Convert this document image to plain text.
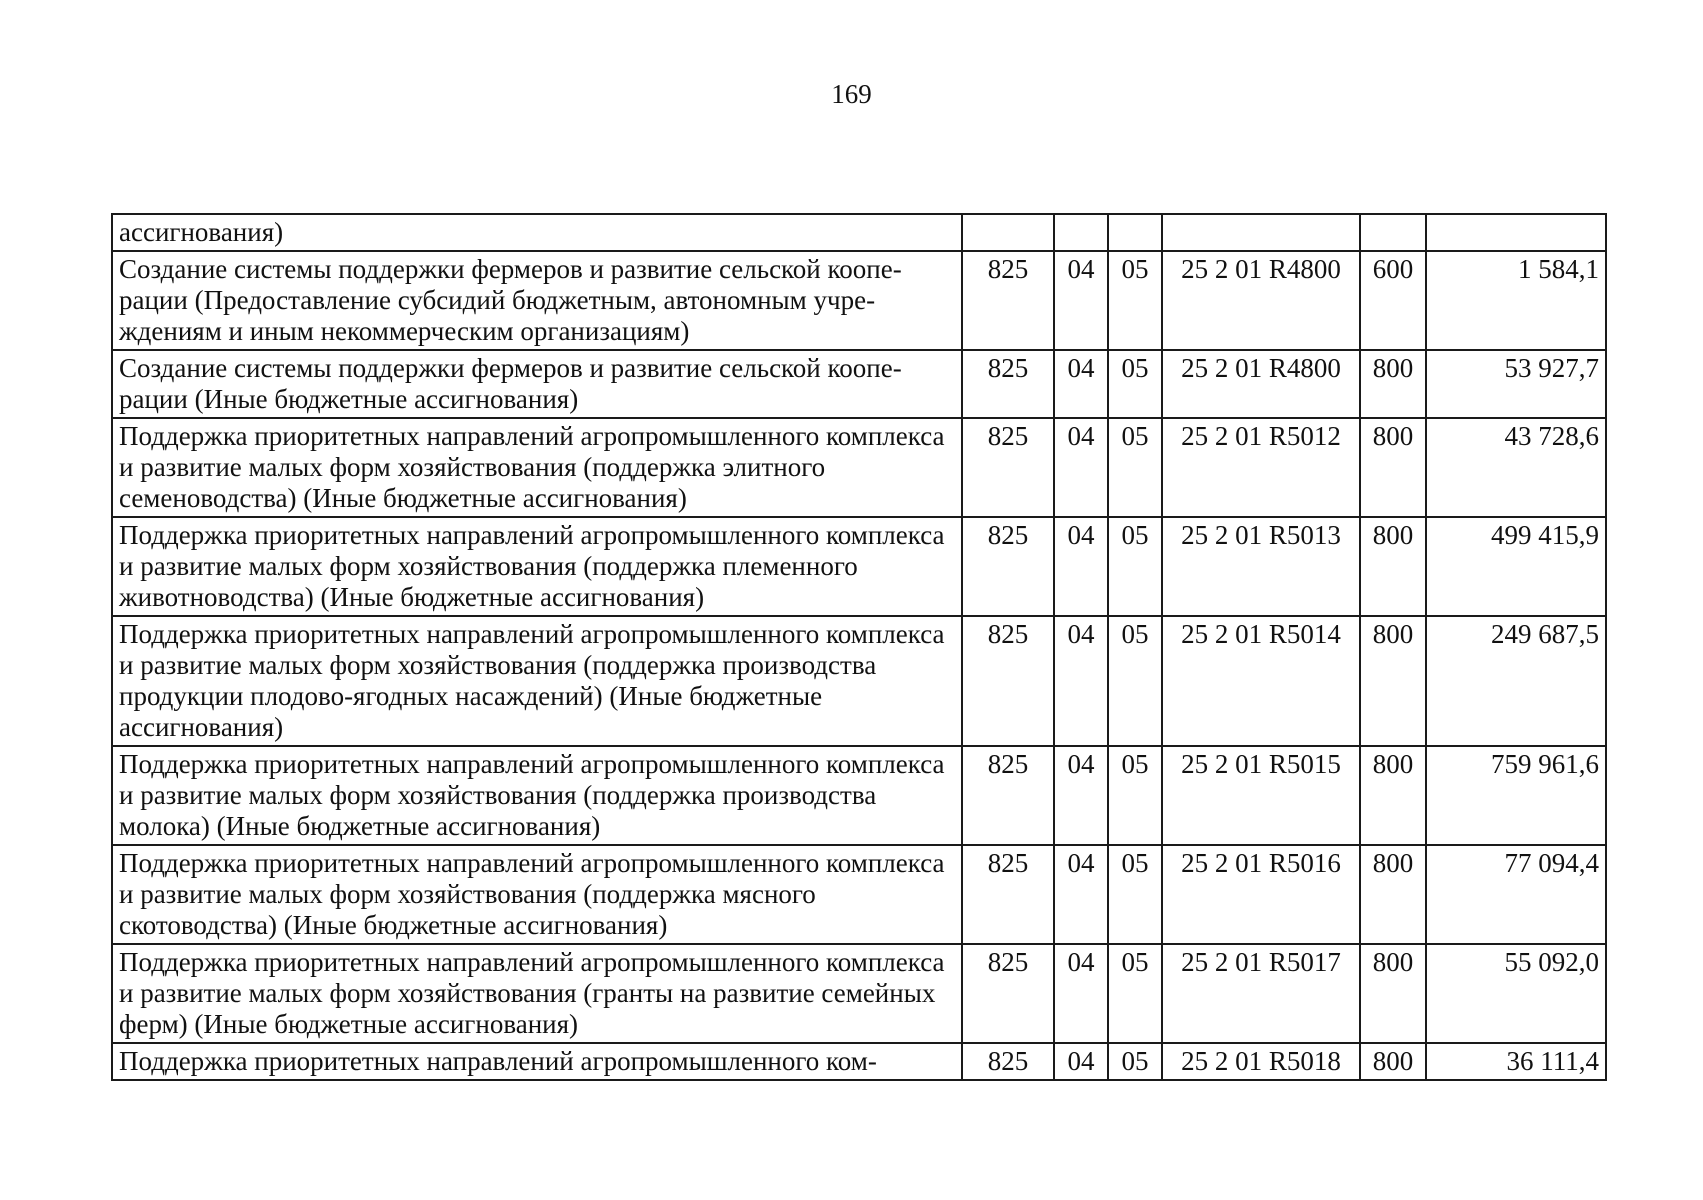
169
ассигнования)						
Создание системы поддержки фермеров и развитие сельской кооперации (Предоставление субсидий бюджетным, автономным учреждениям и иным некоммерческим организациям)	825	04	05	25 2 01 R4800	600	1 584,1
Создание системы поддержки фермеров и развитие сельской кооперации (Иные бюджетные ассигнования)	825	04	05	25 2 01 R4800	800	53 927,7
Поддержка приоритетных направлений агропромышленного комплекса и развитие малых форм хозяйствования (поддержка элитного семеноводства) (Иные бюджетные ассигнования)	825	04	05	25 2 01 R5012	800	43 728,6
Поддержка приоритетных направлений агропромышленного комплекса и развитие малых форм хозяйствования (поддержка племенного животноводства) (Иные бюджетные ассигнования)	825	04	05	25 2 01 R5013	800	499 415,9
Поддержка приоритетных направлений агропромышленного комплекса и развитие малых форм хозяйствования (поддержка производства продукции плодово-ягодных насаждений) (Иные бюджетные ассигнования)	825	04	05	25 2 01 R5014	800	249 687,5
Поддержка приоритетных направлений агропромышленного комплекса и развитие малых форм хозяйствования (поддержка производства молока) (Иные бюджетные ассигнования)	825	04	05	25 2 01 R5015	800	759 961,6
Поддержка приоритетных направлений агропромышленного комплекса и развитие малых форм хозяйствования (поддержка мясного скотоводства) (Иные бюджетные ассигнования)	825	04	05	25 2 01 R5016	800	77 094,4
Поддержка приоритетных направлений агропромышленного комплекса и развитие малых форм хозяйствования (гранты на развитие семейных ферм) (Иные бюджетные ассигнования)	825	04	05	25 2 01 R5017	800	55 092,0
Поддержка приоритетных направлений агропромышленного ком-	825	04	05	25 2 01 R5018	800	36 111,4
